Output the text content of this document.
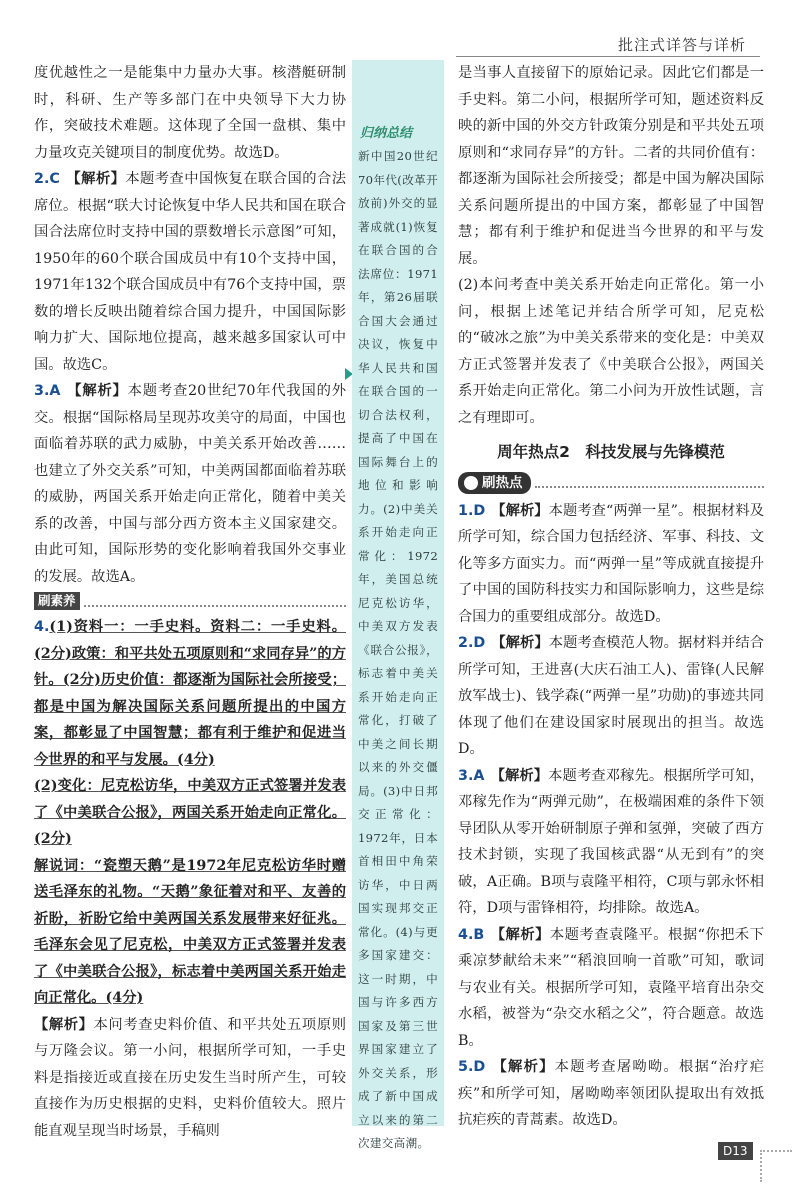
批注式详答与详析

度优越性之一是能集中力量办大事。核潜艇研制时，科研、生产等多部门在中央领导下大力协作，突破技术难题。这体现了全国一盘棋、集中力量攻克关键项目的制度优势。故选D。

2.C 【解析】本题考查中国恢复在联合国的合法席位。根据“联大讨论恢复中华人民共和国在联合国合法席位时支持中国的票数增长示意图”可知，1950年的60个联合国成员中有10个支持中国，1971年132个联合国成员中有76个支持中国，票数的增长反映出随着综合国力提升，中国国际影响力扩大、国际地位提高，越来越多国家认可中国。故选C。

3.A 【解析】本题考查20世纪70年代我国的外交。根据“国际格局呈现苏攻美守的局面，中国也面临着苏联的武力威胁，中美关系开始改善……也建立了外交关系”可知，中美两国都面临着苏联的威胁，两国关系开始走向正常化，随着中美关系的改善，中国与部分西方资本主义国家建交。由此可知，国际形势的变化影响着我国外交事业的发展。故选A。

刷素养

4.(1)资料一：一手史料。资料二：一手史料。(2分)政策：和平共处五项原则和“求同存异”的方针。(2分)历史价值：都逐渐为国际社会所接受；都是中国为解决国际关系问题所提出的中国方案，都彰显了中国智慧；都有利于维护和促进当今世界的和平与发展。(4分)

(2)变化：尼克松访华，中美双方正式签署并发表了《中美联合公报》，两国关系开始走向正常化。(2分)

解说词：“瓷塑天鹅”是1972年尼克松访华时赠送毛泽东的礼物。“天鹅”象征着对和平、友善的祈盼，祈盼它给中美两国关系发展带来好征兆。毛泽东会见了尼克松，中美双方正式签署并发表了《中美联合公报》，标志着中美两国关系开始走向正常化。(4分)

【解析】本问考查史料价值、和平共处五项原则与万隆会议。第一小问，根据所学可知，一手史料是指接近或直接在历史发生当时所产生，可较直接作为历史根据的史料，史料价值较大。照片能直观呈现当时场景，手稿则

归纳总结
新中国20世纪70年代(改革开放前)外交的显著成就(1)恢复在联合国的合法席位：1971年，第26届联合国大会通过决议，恢复中华人民共和国在联合国的一切合法权利，提高了中国在国际舞台上的地位和影响力。(2)中美关系开始走向正常化：1972年，美国总统尼克松访华，中美双方发表《联合公报》，标志着中美关系开始走向正常化，打破了中美之间长期以来的外交僵局。(3)中日邦交正常化：1972年，日本首相田中角荣访华，中日两国实现邦交正常化。(4)与更多国家建交：这一时期，中国与许多西方国家及第三世界国家建立了外交关系，形成了新中国成立以来的第二次建交高潮。

是当事人直接留下的原始记录。因此它们都是一手史料。第二小问，根据所学可知，题述资料反映的新中国的外交方针政策分别是和平共处五项原则和“求同存异”的方针。二者的共同价值有：都逐渐为国际社会所接受；都是中国为解决国际关系问题所提出的中国方案，都彰显了中国智慧；都有利于维护和促进当今世界的和平与发展。

(2)本问考查中美关系开始走向正常化。第一小问，根据上述笔记并结合所学可知，尼克松的“破冰之旅”为中美关系带来的变化是：中美双方正式签署并发表了《中美联合公报》，两国关系开始走向正常化。第二小问为开放性试题，言之有理即可。

周年热点2　科技发展与先锋模范
刷热点

1.D 【解析】本题考查“两弹一星”。根据材料及所学可知，综合国力包括经济、军事、科技、文化等多方面实力。而“两弹一星”等成就直接提升了中国的国防科技实力和国际影响力，这些是综合国力的重要组成部分。故选D。

2.D 【解析】本题考查模范人物。据材料并结合所学可知，王进喜(大庆石油工人)、雷锋(人民解放军战士)、钱学森(“两弹一星”功勋)的事迹共同体现了他们在建设国家时展现出的担当。故选D。

3.A 【解析】本题考查邓稼先。根据所学可知，邓稼先作为“两弹元勋”，在极端困难的条件下领导团队从零开始研制原子弹和氢弹，突破了西方技术封锁，实现了我国核武器“从无到有”的突破，A正确。B项与袁隆平相符，C项与郭永怀相符，D项与雷锋相符，均排除。故选A。

4.B 【解析】本题考查袁隆平。根据“你把禾下乘凉梦献给未来”“稻浪回响一首歌”可知，歌词与农业有关。根据所学可知，袁隆平培育出杂交水稻，被誉为“杂交水稻之父”，符合题意。故选B。

5.D 【解析】本题考查屠呦呦。根据“治疗疟疾”和所学可知，屠呦呦率领团队提取出有效抵抗疟疾的青蒿素。故选D。

D13
